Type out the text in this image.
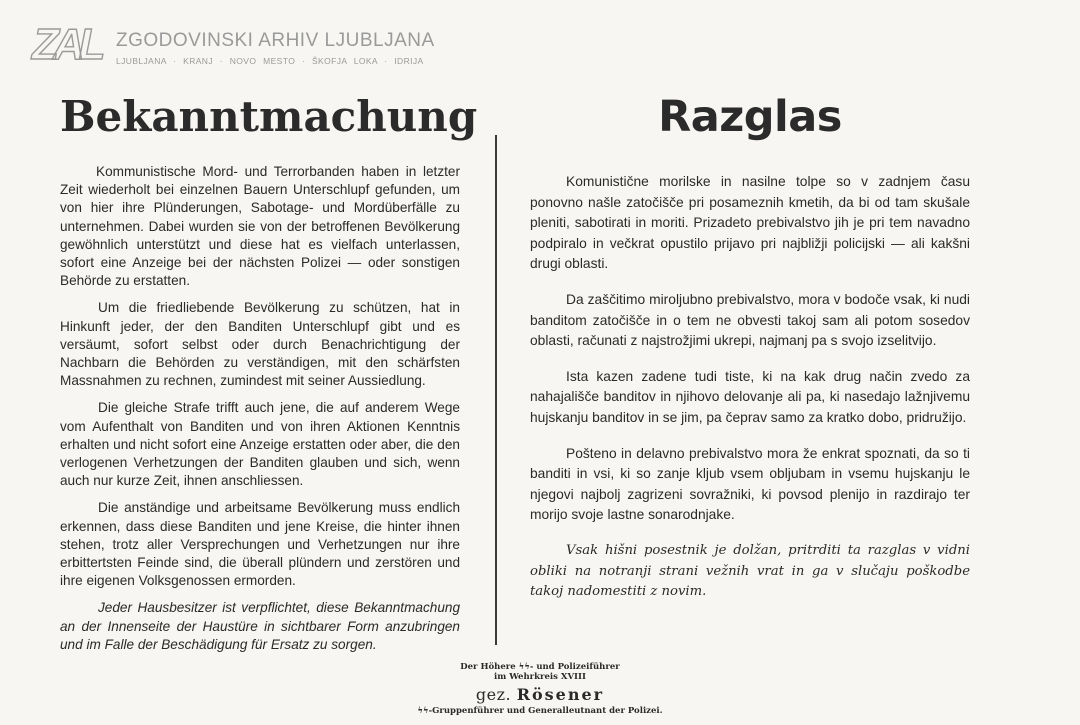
ZAL ZGODOVINSKI ARHIV LJUBLJANA
LJUBLJANA · KRANJ · NOVO MESTO · ŠKOFJA LOKA · IDRIJA
Bekanntmachung

Kommunistische Mord- und Terrorbanden haben in letzter Zeit wiederholt bei einzelnen Bauern Unterschlupf gefunden, um von hier ihre Plünderungen, Sabotage- und Mordüberfälle zu unternehmen. Dabei wurden sie von der betroffenen Bevölkerung gewöhnlich unterstützt und diese hat es vielfach unterlassen, sofort eine Anzeige bei der nächsten Polizei — oder sonstigen Behörde zu erstatten.

Um die friedliebende Bevölkerung zu schützen, hat in Hinkunft jeder, der den Banditen Unterschlupf gibt und es versäumt, sofort selbst oder durch Benachrichtigung der Nachbarn die Behörden zu verständigen, mit den schärfsten Massnahmen zu rechnen, zumindest mit seiner Aussiedlung.

Die gleiche Strafe trifft auch jene, die auf anderem Wege vom Aufenthalt von Banditen und von ihren Aktionen Kenntnis erhalten und nicht sofort eine Anzeige erstatten oder aber, die den verlogenen Verhetzungen der Banditen glauben und sich, wenn auch nur kurze Zeit, ihnen anschliessen.

Die anständige und arbeitsame Bevölkerung muss endlich erkennen, dass diese Banditen und jene Kreise, die hinter ihnen stehen, trotz aller Versprechungen und Verhetzungen nur ihre erbittertsten Feinde sind, die überall plündern und zerstören und ihre eigenen Volksgenossen ermorden.

Jeder Hausbesitzer ist verpflichtet, diese Bekanntmachung an der Innenseite der Haustüre in sichtbarer Form anzubringen und im Falle der Beschädigung für Ersatz zu sorgen.

Razglas

Komunistične morilske in nasilne tolpe so v zadnjem času ponovno našle zatočišče pri posameznih kmetih, da bi od tam skušale pleniti, sabotirati in moriti. Prizadeto prebivalstvo jih je pri tem navadno podpiralo in večkrat opustilo prijavo pri najbližji policijski — ali kakšni drugi oblasti.

Da zaščitimo miroljubno prebivalstvo, mora v bodoče vsak, ki nudi banditom zatočišče in o tem ne obvesti takoj sam ali potom sosedov oblasti, računati z najstrožjimi ukrepi, najmanj pa s svojo izselitvijo.

Ista kazen zadene tudi tiste, ki na kak drug način zvedo za nahajališče banditov in njihovo delovanje ali pa, ki nasedajo lažnjivemu hujskanju banditov in se jim, pa čeprav samo za kratko dobo, pridružijo.

Pošteno in delavno prebivalstvo mora že enkrat spoznati, da so ti banditi in vsi, ki so zanje kljub vsem obljubam in vsemu hujskanju le njegovi najbolj zagrizeni sovražniki, ki povsod plenijo in razdirajo ter morijo svoje lastne sonarodnjake.

Vsak hišni posestnik je dolžan, pritrditi ta razglas v vidni obliki na notranji strani vežnih vrat in ga v slučaju poškodbe takoj nadomestiti z novim.

Der Höhere ϟϟ- und Polizeiführer
im Wehrkreis XVIII
gez. Rösener
ϟϟ-Gruppenführer und Generalleutnant der Polizei.
